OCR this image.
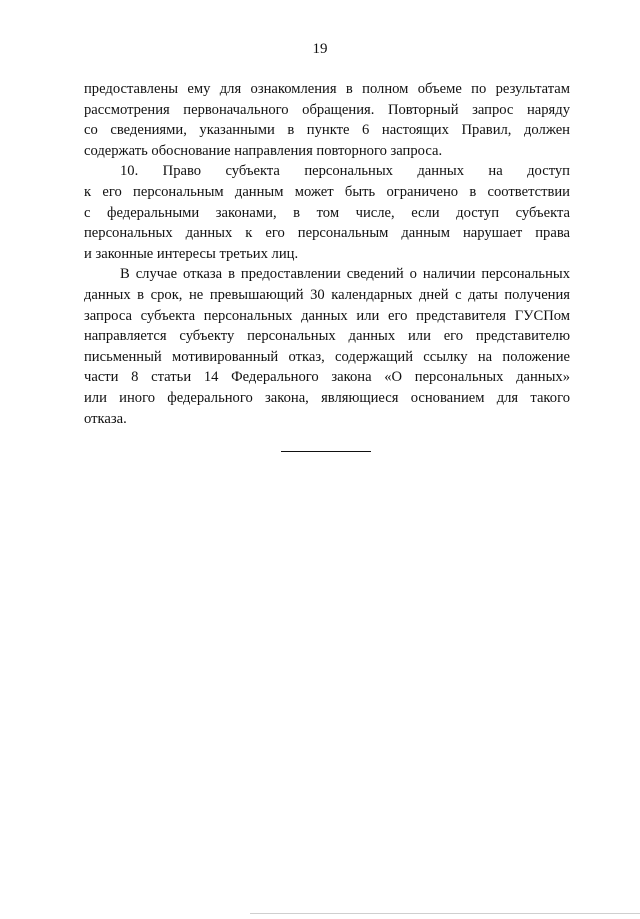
19

предоставлены ему для ознакомления в полном объеме по результатам
рассмотрения первоначального обращения. Повторный запрос наряду
со сведениями, указанными в пункте 6 настоящих Правил, должен
содержать обоснование направления повторного запроса.

10. Право субъекта персональных данных на доступ
к его персональным данным может быть ограничено в соответствии
с федеральными законами, в том числе, если доступ субъекта
персональных данных к его персональным данным нарушает права
и законные интересы третьих лиц.

В случае отказа в предоставлении сведений о наличии персональных
данных в срок, не превышающий 30 календарных дней с даты получения
запроса субъекта персональных данных или его представителя ГУСПом
направляется субъекту персональных данных или его представителю
письменный мотивированный отказ, содержащий ссылку на положение
части 8 статьи 14 Федерального закона «О персональных данных»
или иного федерального закона, являющиеся основанием для такого
отказа.
